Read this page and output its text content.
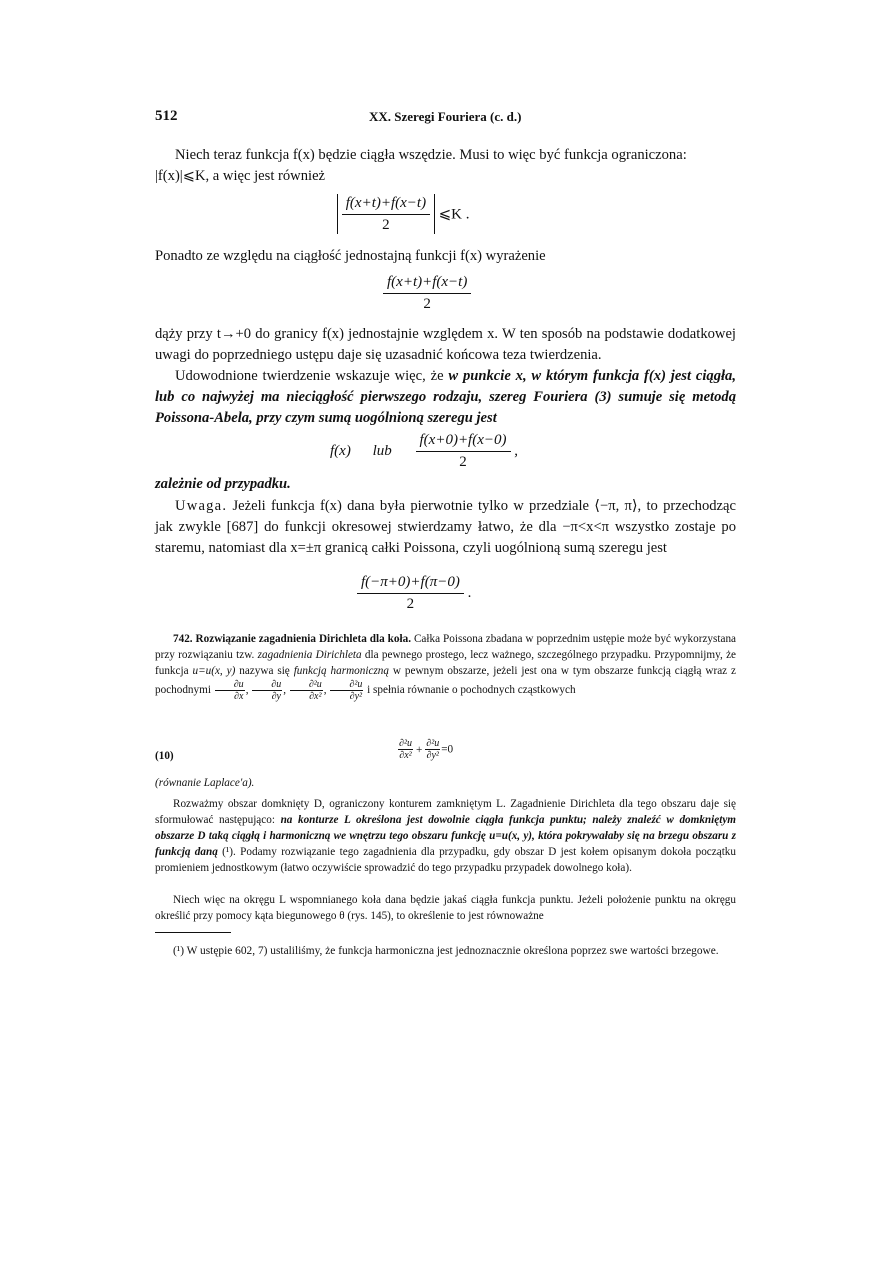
512	XX. Szeregi Fouriera (c. d.)
Niech teraz funkcja f(x) będzie ciągła wszędzie. Musi to więc być funkcja ograniczona:
|f(x)|⩽K, a więc jest również

$\frac{f(x+t)+f(x-t)}{2}$ ⩽K .
Ponadto ze względu na ciągłość jednostajną funkcji f(x) wyrażenie
$\frac{f(x+t)+f(x-t)}{2}$
dąży przy t→+0 do granicy f(x) jednostajnie względem x. W ten sposób na podstawie dodatkowej uwagi do poprzedniego ustępu daje się uzasadnić końcowa teza twierdzenia.
Udowodnione twierdzenie wskazuje więc, że w punkcie x, w którym funkcja f(x) jest ciągła, lub co najwyżej ma nieciągłość pierwszego rodzaju, szereg Fouriera (3) sumuje się metodą Poissona-Abela, przy czym sumą uogólnioną szeregu jest
f(x) lub $\frac{f(x+0)+f(x-0)}{2}$ ,
zależnie od przypadku.
Uwaga. Jeżeli funkcja f(x) dana była pierwotnie tylko w przedziale ⟨−π, π⟩, to przechodząc jak zwykle [687] do funkcji okresowej stwierdzamy łatwo, że dla −π<x<π wszystko zostaje po staremu, natomiast dla x=±π granicą całki Poissona, czyli uogólnioną sumą szeregu jest
$\frac{f(-\pi+0)+f(\pi-0)}{2}$ .
742. Rozwiązanie zagadnienia Dirichleta dla koła. Całka Poissona zbadana w poprzednim ustępie może być wykorzystana przy rozwiązaniu tzw. zagadnienia Dirichleta dla pewnego prostego, lecz ważnego, szczególnego przypadku. Przypomnijmy, że funkcja u=u(x, y) nazywa się funkcją harmoniczną w pewnym obszarze, jeżeli jest ona w tym obszarze funkcją ciągłą wraz z pochodnymi $\frac{\partial u}{\partial x}$ , $\frac{\partial u}{\partial y}$ , $\frac{\text{∂²u}}{\text{∂x²}}$ , $\frac{\text{∂²u}}{\text{∂y²}}$ i spełnia równanie o pochodnych cząstkowych
(10)	$\frac{\text{∂²u}}{\text{∂x²}} + \frac{\text{∂²u}}{\text{∂y²}} =0$
(równanie Laplace'a).
Rozważmy obszar domknięty D, ograniczony konturem zamkniętym L. Zagadnienie Dirichleta dla tego obszaru daje się sformułować następująco: na konturze L określona jest dowolnie ciągła funkcja punktu; należy znaleźć w domkniętym obszarze D taką ciągłą i harmoniczną we wnętrzu tego obszaru funkcję u=u(x, y), która pokrywałaby się na brzegu obszaru z funkcją daną (¹). Podamy rozwiązanie tego zagadnienia dla przypadku, gdy obszar D jest kołem opisanym dokoła początku promieniem jednostkowym (łatwo oczywiście sprowadzić do tego przypadku przypadek dowolnego koła).
Niech więc na okręgu L wspomnianego koła dana będzie jakaś ciągła funkcja punktu. Jeżeli położenie punktu na okręgu określić przy pomocy kąta biegunowego θ (rys. 145), to określenie to jest równoważne
(¹) W ustępie 602, 7) ustaliliśmy, że funkcja harmoniczna jest jednoznacznie określona poprzez swe wartości brzegowe.
